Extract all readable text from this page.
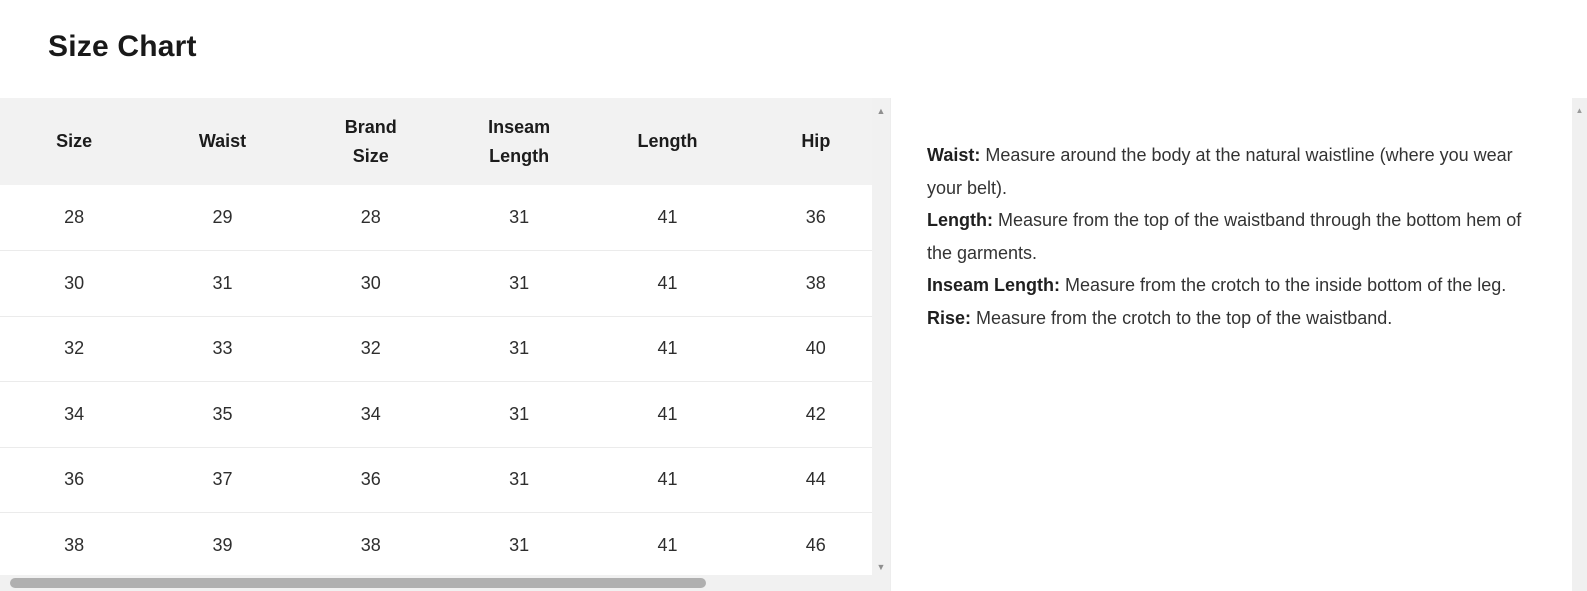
Size Chart
Size	Waist	Brand Size	Inseam Length	Length	Hip
28	29	28	31	41	36
30	31	30	31	41	38
32	33	32	31	41	40
34	35	34	31	41	42
36	37	36	31	41	44
38	39	38	31	41	46
▲
▼

Waist: Measure around the body at the natural waistline (where you wear your belt).

Length: Measure from the top of the waistband through the bottom hem of the garments.

Inseam Length: Measure from the crotch to the inside bottom of the leg.

Rise: Measure from the crotch to the top of the waistband.

▲
